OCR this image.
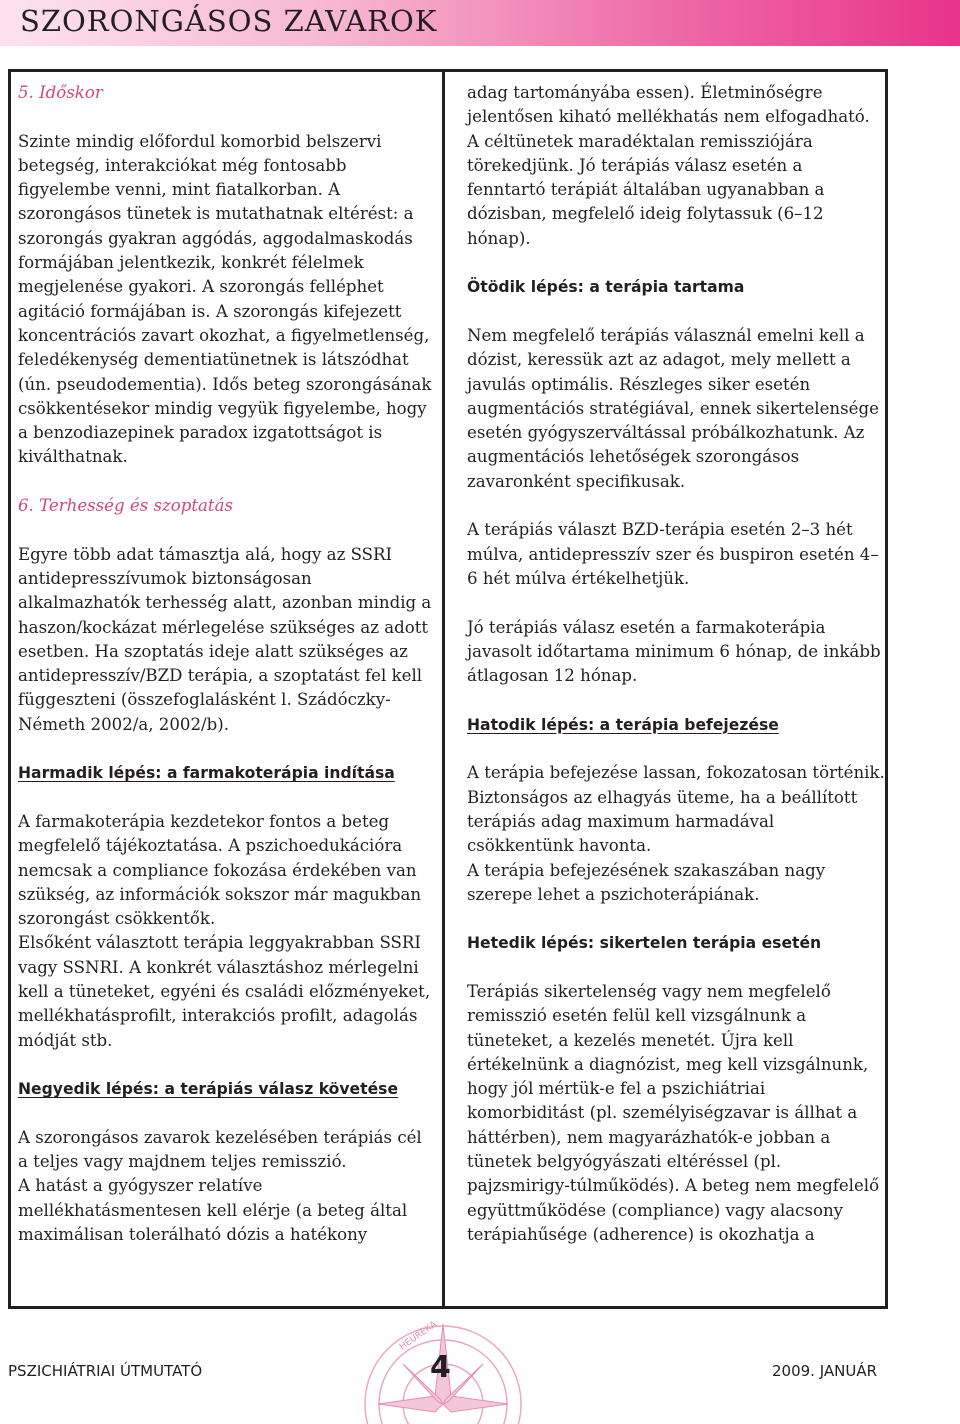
SZORONGÁSOS ZAVAROK

5. Időskor

Szinte mindig előfordul komorbid belszervi betegség, interakciókat még fontosabb figyelembe venni, mint fiatalkorban. A szorongásos tünetek is mutathatnak eltérést: a szorongás gyakran aggódás, aggodalmaskodás formájában jelentkezik, konkrét félelmek megjelenése gyakori. A szorongás felléphet agitáció formájában is. A szorongás kifejezett koncentrációs zavart okozhat, a figyelmetlenség, feledékenység dementiatünetnek is látszódhat (ún. pseudodementia). Idős beteg szorongásának csökkentésekor mindig vegyük figyelembe, hogy a benzodiazepinek paradox izgatottságot is kiválthatnak.

6. Terhesség és szoptatás

Egyre több adat támasztja alá, hogy az SSRI antidepresszívumok biztonságosan alkalmazhatók terhesség alatt, azonban mindig a haszon/kockázat mérlegelése szükséges az adott esetben. Ha szoptatás ideje alatt szükséges az antidepresszív/BZD terápia, a szoptatást fel kell függeszteni (összefoglalásként l. Szádóczky-Németh 2002/a, 2002/b).

Harmadik lépés: a farmakoterápia indítása

A farmakoterápia kezdetekor fontos a beteg megfelelő tájékoztatása. A pszichoedukációra nemcsak a compliance fokozása érdekében van szükség, az információk sokszor már magukban szorongást csökkentők.

Elsőként választott terápia leggyakrabban SSRI vagy SSNRI. A konkrét választáshoz mérlegelni kell a tüneteket, egyéni és családi előzményeket, mellékhatásprofilt, interakciós profilt, adagolás módját stb.

Negyedik lépés: a terápiás válasz követése

A szorongásos zavarok kezelésében terápiás cél a teljes vagy majdnem teljes remisszió.

A hatást a gyógyszer relatíve mellékhatásmentesen kell elérje (a beteg által maximálisan tolerálható dózis a hatékony

adag tartományába essen). Életminőségre jelentősen kiható mellékhatás nem elfogadható. A céltünetek maradéktalan remissziójára törekedjünk. Jó terápiás válasz esetén a fenntartó terápiát általában ugyanabban a dózisban, megfelelő ideig folytassuk (6–12 hónap).

Ötödik lépés: a terápia tartama

Nem megfelelő terápiás válasznál emelni kell a dózist, keressük azt az adagot, mely mellett a javulás optimális. Részleges siker esetén augmentációs stratégiával, ennek sikertelensége esetén gyógyszerváltással próbálkozhatunk. Az augmentációs lehetőségek szorongásos zavaronként specifikusak.

A terápiás választ BZD-terápia esetén 2–3 hét múlva, antidepresszív szer és buspiron esetén 4–6 hét múlva értékelhetjük.

Jó terápiás válasz esetén a farmakoterápia javasolt időtartama minimum 6 hónap, de inkább átlagosan 12 hónap.

Hatodik lépés: a terápia befejezése

A terápia befejezése lassan, fokozatosan történik. Biztonságos az elhagyás üteme, ha a beállított terápiás adag maximum harmadával csökkentünk havonta.

A terápia befejezésének szakaszában nagy szerepe lehet a pszichoterápiának.

Hetedik lépés: sikertelen terápia esetén

Terápiás sikertelenség vagy nem megfelelő remisszió esetén felül kell vizsgálnunk a tüneteket, a kezelés menetét. Újra kell értékelnünk a diagnózist, meg kell vizsgálnunk, hogy jól mértük-e fel a pszichiátriai komorbiditást (pl. személyiségzavar is állhat a háttérben), nem magyarázhatók-e jobban a tünetek belgyógyászati eltéréssel (pl. pajzsmirigy-túlműködés). A beteg nem megfelelő együttműködése (compliance) vagy alacsony terápiahűsége (adherence) is okozhatja a

HEUREKA
PSZICHIÁTRIAI ÚTMUTATÓ	4	2009. JANUÁR
